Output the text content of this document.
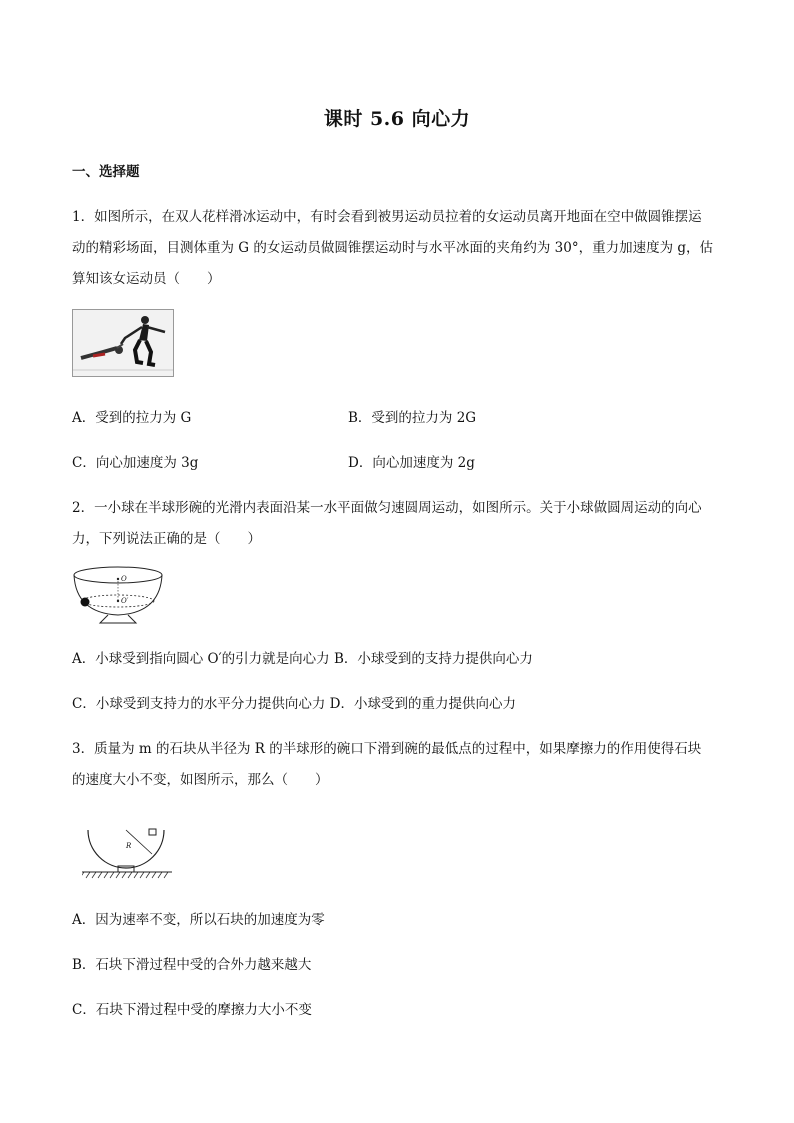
课时 5.6 向心力
一、选择题
1．如图所示，在双人花样滑冰运动中，有时会看到被男运动员拉着的女运动员离开地面在空中做圆锥摆运
动的精彩场面，目测体重为 G 的女运动员做圆锥摆运动时与水平冰面的夹角约为 30°，重力加速度为 g，估
算知该女运动员（　　）
A．受到的拉力为 G	B．受到的拉力为 2G
C．向心加速度为 3g	D．向心加速度为 2g
2．一小球在半球形碗的光滑内表面沿某一水平面做匀速圆周运动，如图所示。关于小球做圆周运动的向心
力，下列说法正确的是（　　）
O
O′
A．小球受到指向圆心 O′的引力就是向心力 B．小球受到的支持力提供向心力
C．小球受到支持力的水平分力提供向心力 D．小球受到的重力提供向心力
3．质量为 m 的石块从半径为 R 的半球形的碗口下滑到碗的最低点的过程中，如果摩擦力的作用使得石块
的速度大小不变，如图所示，那么（　　）
R
A．因为速率不变，所以石块的加速度为零
B．石块下滑过程中受的合外力越来越大
C．石块下滑过程中受的摩擦力大小不变
